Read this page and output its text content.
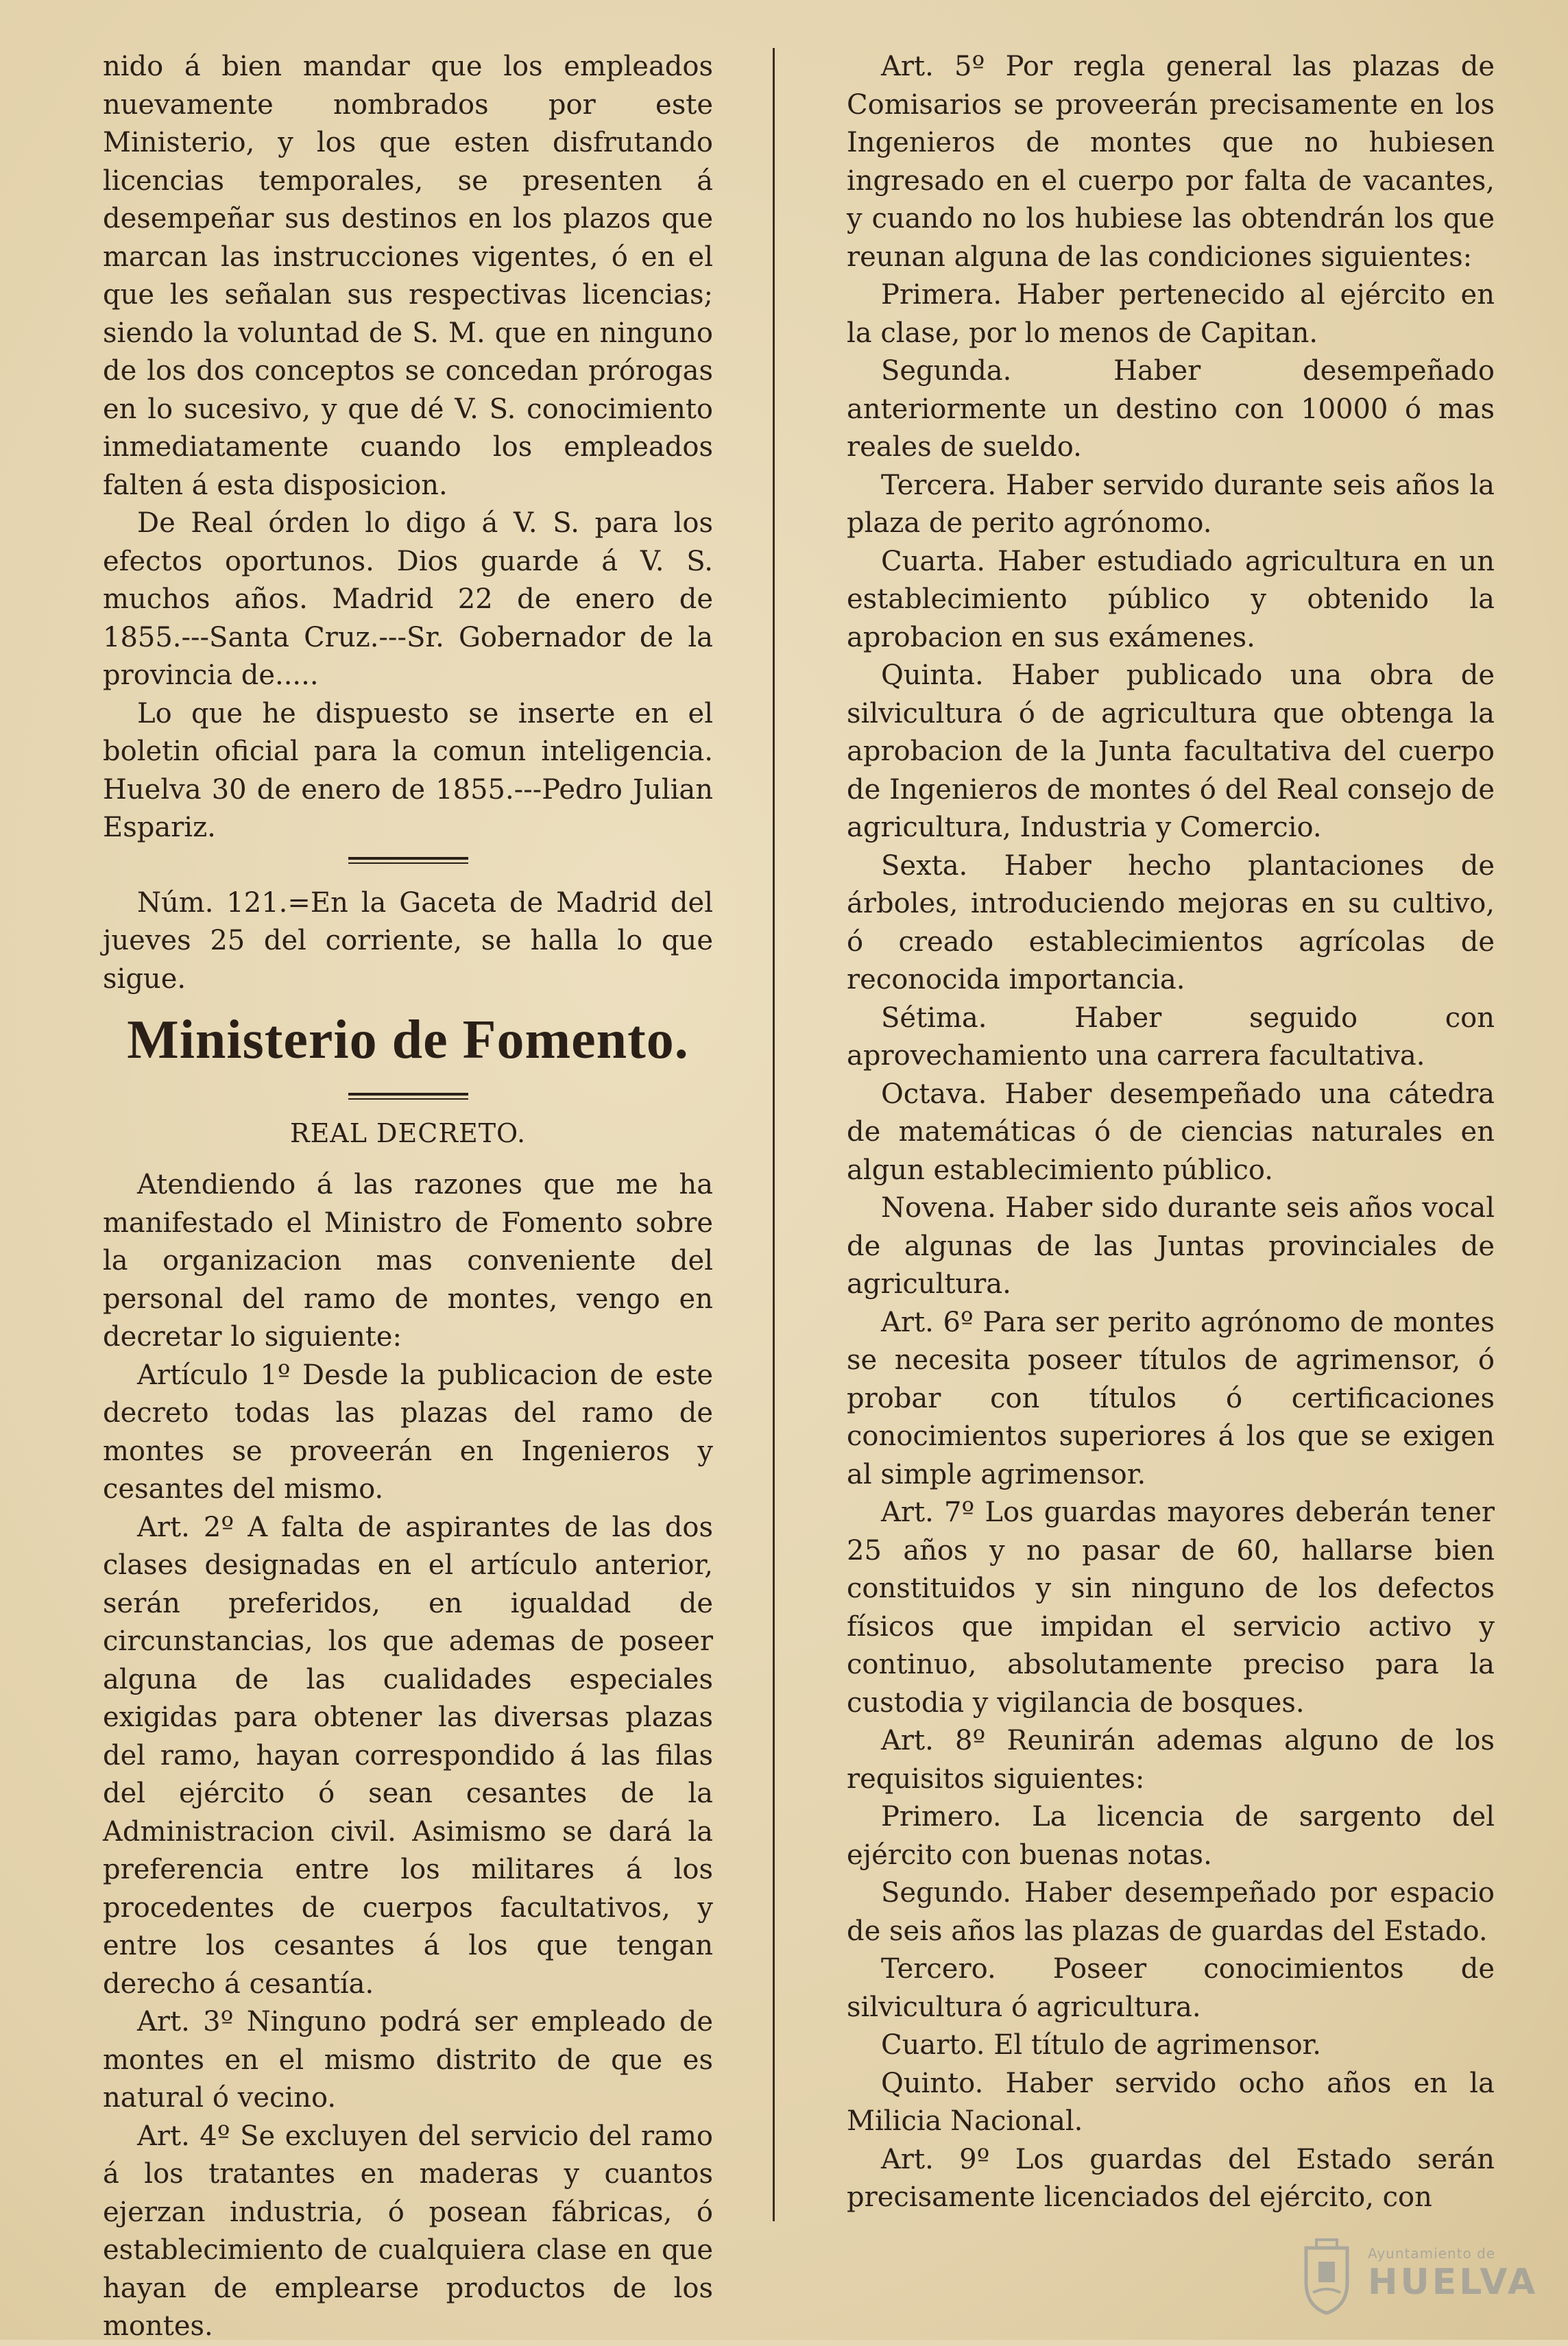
nido á bien mandar que los empleados nuevamente nombrados por este Ministerio, y los que esten disfrutando licencias temporales, se presenten á desempeñar sus destinos en los plazos que marcan las instrucciones vigentes, ó en el que les señalan sus respectivas licencias; siendo la voluntad de S. M. que en ninguno de los dos conceptos se concedan prórogas en lo sucesivo, y que dé V. S. conocimiento inmediatamente cuando los empleados falten á esta disposicion.

De Real órden lo digo á V. S. para los efectos oportunos. Dios guarde á V. S. muchos años. Madrid 22 de enero de 1855.---Santa Cruz.---Sr. Gobernador de la provincia de.....

Lo que he dispuesto se inserte en el boletin oficial para la comun inteligencia. Huelva 30 de enero de 1855.---Pedro Julian Espariz.

Núm. 121.=En la Gaceta de Madrid del jueves 25 del corriente, se halla lo que sigue.

Ministerio de Fomento.
REAL DECRETO.

Atendiendo á las razones que me ha manifestado el Ministro de Fomento sobre la organizacion mas conveniente del personal del ramo de montes, vengo en decretar lo siguiente:

Artículo 1º Desde la publicacion de este decreto todas las plazas del ramo de montes se proveerán en Ingenieros y cesantes del mismo.

Art. 2º A falta de aspirantes de las dos clases designadas en el artículo anterior, serán preferidos, en igualdad de circunstancias, los que ademas de poseer alguna de las cualidades especiales exigidas para obtener las diversas plazas del ramo, hayan correspondido á las filas del ejército ó sean cesantes de la Administracion civil. Asimismo se dará la preferencia entre los militares á los procedentes de cuerpos facultativos, y entre los cesantes á los que tengan derecho á cesantía.

Art. 3º Ninguno podrá ser empleado de montes en el mismo distrito de que es natural ó vecino.

Art. 4º Se excluyen del servicio del ramo á los tratantes en maderas y cuantos ejerzan industria, ó posean fábricas, ó establecimiento de cualquiera clase en que hayan de emplearse productos de los montes.

Art. 5º Por regla general las plazas de Comisarios se proveerán precisamente en los Ingenieros de montes que no hubiesen ingresado en el cuerpo por falta de vacantes, y cuando no los hubiese las obtendrán los que reunan alguna de las condiciones siguientes:

Primera. Haber pertenecido al ejército en la clase, por lo menos de Capitan.

Segunda. Haber desempeñado anteriormente un destino con 10000 ó mas reales de sueldo.

Tercera. Haber servido durante seis años la plaza de perito agrónomo.

Cuarta. Haber estudiado agricultura en un establecimiento público y obtenido la aprobacion en sus exámenes.

Quinta. Haber publicado una obra de silvicultura ó de agricultura que obtenga la aprobacion de la Junta facultativa del cuerpo de Ingenieros de montes ó del Real consejo de agricultura, Industria y Comercio.

Sexta. Haber hecho plantaciones de árboles, introduciendo mejoras en su cultivo, ó creado establecimientos agrícolas de reconocida importancia.

Sétima. Haber seguido con aprovechamiento una carrera facultativa.

Octava. Haber desempeñado una cátedra de matemáticas ó de ciencias naturales en algun establecimiento público.

Novena. Haber sido durante seis años vocal de algunas de las Juntas provinciales de agricultura.

Art. 6º Para ser perito agrónomo de montes se necesita poseer títulos de agrimensor, ó probar con títulos ó certificaciones conocimientos superiores á los que se exigen al simple agrimensor.

Art. 7º Los guardas mayores deberán tener 25 años y no pasar de 60, hallarse bien constituidos y sin ninguno de los defectos físicos que impidan el servicio activo y continuo, absolutamente preciso para la custodia y vigilancia de bosques.

Art. 8º Reunirán ademas alguno de los requisitos siguientes:

Primero. La licencia de sargento del ejército con buenas notas.

Segundo. Haber desempeñado por espacio de seis años las plazas de guardas del Estado.

Tercero. Poseer conocimientos de silvicultura ó agricultura.

Cuarto. El título de agrimensor.

Quinto. Haber servido ocho años en la Milicia Nacional.

Art. 9º Los guardas del Estado serán precisamente licenciados del ejército, con

Ayuntamiento de
HUELVA
